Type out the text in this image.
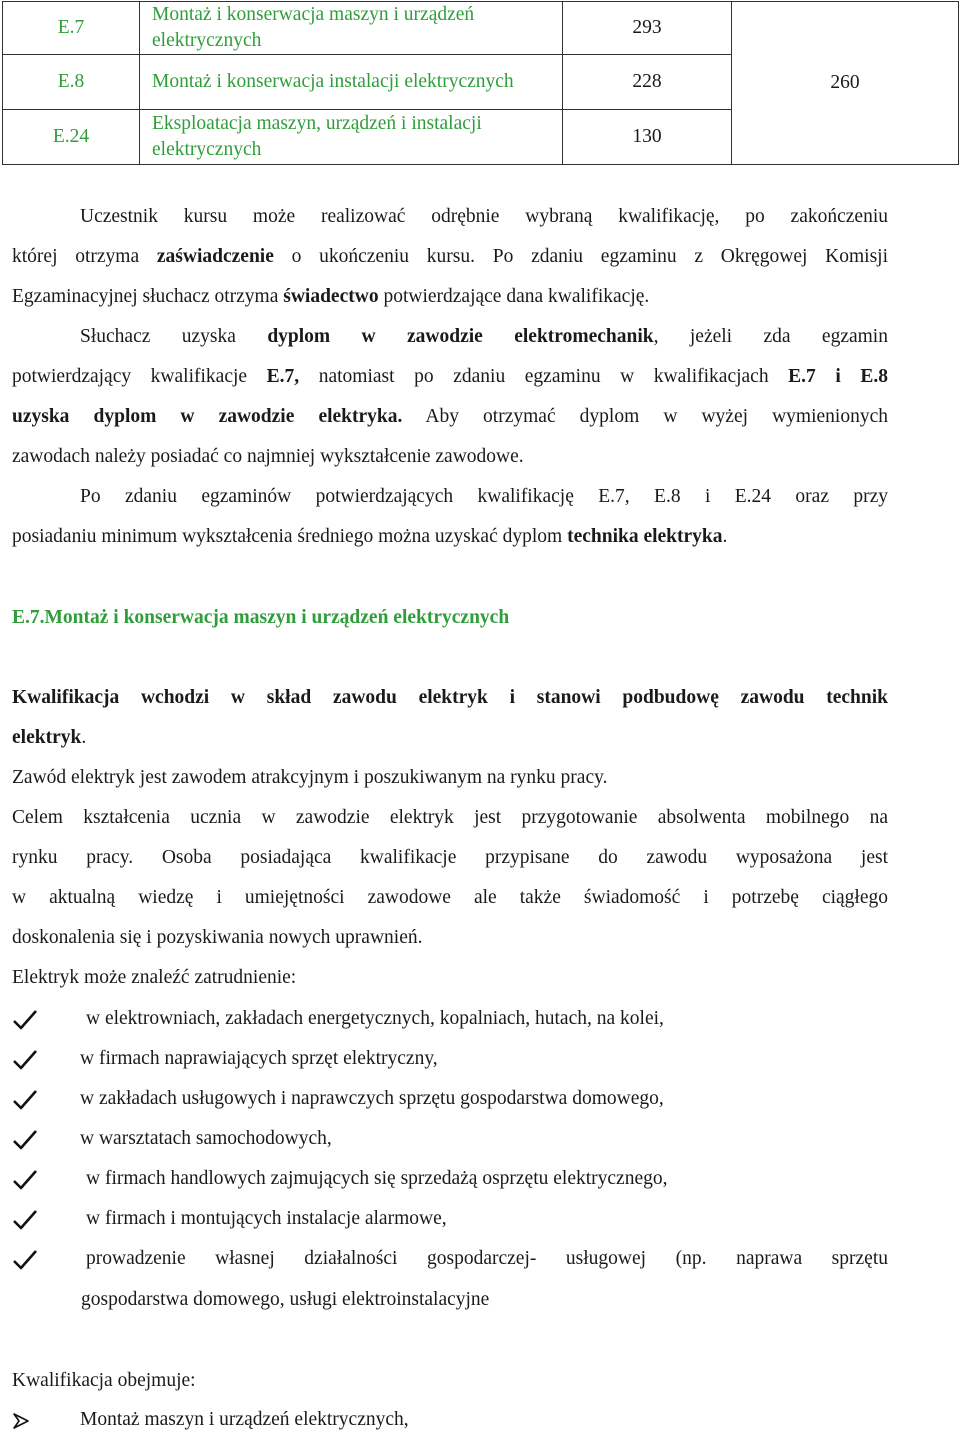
E.7	Montaż i konserwacja maszyn i urządzeń elektrycznych	293	260
E.8	Montaż i konserwacja instalacji elektrycznych	228	
E.24	Eksploatacja maszyn, urządzeń i instalacji elektrycznych	130	
Uczestnik kursu może realizować odrębnie wybraną kwalifikację, po zakończeniu
której otrzyma zaświadczenie o ukończeniu kursu. Po zdaniu egzaminu z Okręgowej Komisji
Egzaminacyjnej słuchacz otrzyma świadectwo potwierdzające dana kwalifikację.
Słuchacz uzyska dyplom w zawodzie elektromechanik, jeżeli zda egzamin
potwierdzający kwalifikacje E.7, natomiast po zdaniu egzaminu w kwalifikacjach E.7 i E.8
uzyska dyplom w zawodzie elektryka. Aby otrzymać dyplom w wyżej wymienionych
zawodach należy posiadać co najmniej wykształcenie zawodowe.
Po zdaniu egzaminów potwierdzających kwalifikację E.7, E.8 i E.24 oraz przy
posiadaniu minimum wykształcenia średniego można uzyskać dyplom technika elektryka.
E.7.Montaż i konserwacja maszyn i urządzeń elektrycznych
Kwalifikacja wchodzi w skład zawodu elektryk i stanowi podbudowę zawodu technik
elektryk.
Zawód elektryk jest zawodem atrakcyjnym i poszukiwanym na rynku pracy.
Celem kształcenia ucznia w zawodzie elektryk jest przygotowanie absolwenta mobilnego na
rynku pracy. Osoba posiadająca kwalifikacje przypisane do zawodu wyposażona jest
w aktualną wiedzę i umiejętności zawodowe ale także świadomość i potrzebę ciągłego
doskonalenia się i pozyskiwania nowych uprawnień.
Elektryk może znaleźć zatrudnienie:
w elektrowniach, zakładach energetycznych, kopalniach, hutach, na kolei,
w firmach naprawiających sprzęt elektryczny,
w zakładach usługowych i naprawczych sprzętu gospodarstwa domowego,
w warsztatach samochodowych,
w firmach handlowych zajmujących się sprzedażą osprzętu elektrycznego,
w firmach i montujących instalacje alarmowe,
prowadzenie własnej działalności gospodarczej- usługowej (np. naprawa sprzętu
gospodarstwa domowego, usługi elektroinstalacyjne
Kwalifikacja obejmuje:
Montaż maszyn i urządzeń elektrycznych,
